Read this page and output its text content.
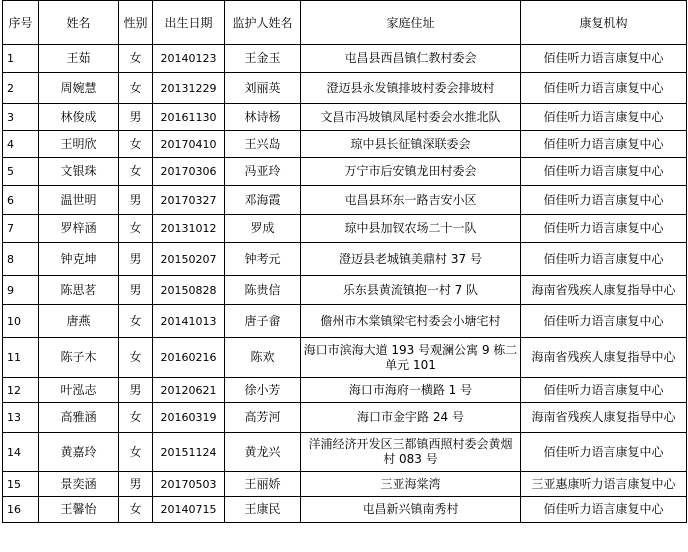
序号	姓名	性别	出生日期	监护人姓名	家庭住址	康复机构
1	王茹	女	20140123	王金玉	屯昌县西昌镇仁教村委会	佰佳听力语言康复中心
2	周婉慧	女	20131229	刘丽英	澄迈县永发镇排坡村委会排坡村	佰佳听力语言康复中心
3	林俊成	男	20161130	林诗杨	文昌市冯坡镇凤尾村委会水推北队	佰佳听力语言康复中心
4	王明欣	女	20170410	王兴岛	琼中县长征镇深联委会	佰佳听力语言康复中心
5	文银珠	女	20170306	冯亚玲	万宁市后安镇龙田村委会	佰佳听力语言康复中心
6	温世明	男	20170327	邓海霞	屯昌县环东一路吉安小区	佰佳听力语言康复中心
7	罗梓涵	女	20131012	罗成	琼中县加钗农场二十一队	佰佳听力语言康复中心
8	钟克坤	男	20150207	钟考元	澄迈县老城镇美鼎村 37 号	佰佳听力语言康复中心
9	陈思茗	男	20150828	陈贵信	乐东县黄流镇抱一村 7 队	海南省残疾人康复指导中心
10	唐燕	女	20141013	唐子畲	儋州市木棠镇梁宅村委会小塘宅村	佰佳听力语言康复中心
11	陈子木	女	20160216	陈欢	海口市滨海大道 193 号观澜公寓 9 栋二单元 101	海南省残疾人康复指导中心
12	叶泓志	男	20120621	徐小芳	海口市海府一横路 1 号	佰佳听力语言康复中心
13	高雅涵	女	20160319	高芳河	海口市金宇路 24 号	海南省残疾人康复指导中心
14	黄嘉玲	女	20151124	黄龙兴	洋浦经济开发区三都镇西照村委会黄烟村 083 号	佰佳听力语言康复中心
15	景奕涵	男	20170503	王丽娇	三亚海棠湾	三亚惠康听力语言康复中心
16	王馨怡	女	20140715	王康民	屯昌新兴镇南秀村	佰佳听力语言康复中心
